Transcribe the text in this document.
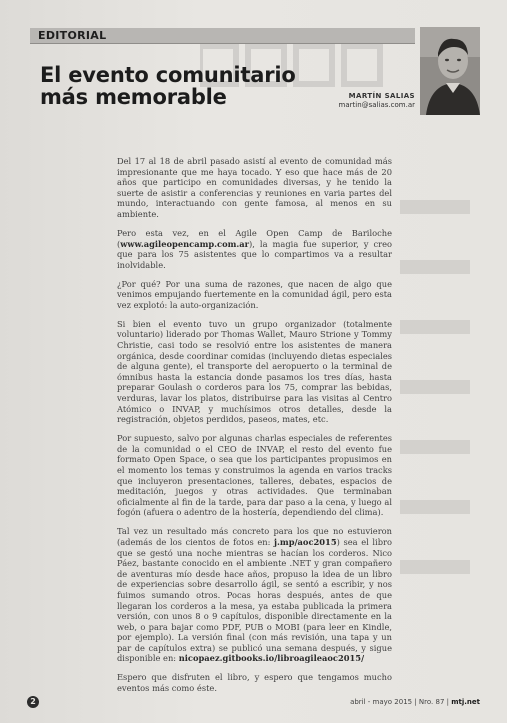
EDITORIAL
El evento comunitario
más memorable	MARTÍN SALIAS
martin@salias.com.ar

Del 17 al 18 de abril pasado asistí al evento de comunidad más impresionante que me haya tocado. Y eso que hace más de 20 años que participo en comunidades diversas, y he tenido la suerte de asistir a conferencias y reuniones en varia partes del mundo, interactuando con gente famosa, al menos en su ambiente.

Pero esta vez, en el Agile Open Camp de Bariloche (www.agileopencamp.com.ar), la magia fue superior, y creo que para los 75 asistentes que lo compartimos va a resultar inolvidable.

¿Por qué? Por una suma de razones, que nacen de algo que venimos empujando fuertemente en la comunidad ágil, pero esta vez explotó: la auto-organización.

Si bien el evento tuvo un grupo organizador (totalmente voluntario) liderado por Thomas Wallet, Mauro Strione y Tommy Christie, casi todo se resolvió entre los asistentes de manera orgánica, desde coordinar comidas (incluyendo dietas especiales de alguna gente), el transporte del aeropuerto o la terminal de ómnibus hasta la estancia donde pasamos los tres días, hasta preparar Goulash o corderos para los 75, comprar las bebidas, verduras, lavar los platos, distribuirse para las visitas al Centro Atómico o INVAP, y muchísimos otros detalles, desde la registración, objetos perdidos, paseos, mates, etc.

Por supuesto, salvo por algunas charlas especiales de referentes de la comunidad o el CEO de INVAP, el resto del evento fue formato Open Space, o sea que los participantes propusimos en el momento los temas y construimos la agenda en varios tracks que incluyeron presentaciones, talleres, debates, espacios de meditación, juegos y otras actividades. Que terminaban oficialmente al fin de la tarde, para dar paso a la cena, y luego al fogón (afuera o adentro de la hostería, dependiendo del clima).

Tal vez un resultado más concreto para los que no estuvieron (además de los cientos de fotos en: j.mp/aoc2015) sea el libro que se gestó una noche mientras se hacían los corderos. Nico Páez, bastante conocido en el ambiente .NET y gran compañero de aventuras mío desde hace años, propuso la idea de un libro de experiencias sobre desarrollo ágil, se sentó a escribir, y nos fuimos sumando otros. Pocas horas después, antes de que llegaran los corderos a la mesa, ya estaba publicada la primera versión, con unos 8 o 9 capítulos, disponible directamente en la web, o para bajar como PDF, PUB o MOBI (para leer en Kindle, por ejemplo). La versión final (con más revisión, una tapa y un par de capítulos extra) se publicó una semana después, y sigue disponible en: nicopaez.gitbooks.io/libroagileaoc2015/

Espero que disfruten el libro, y espero que tengamos mucho eventos más como éste.

2	abril - mayo 2015 | Nro. 87 | mtj.net
